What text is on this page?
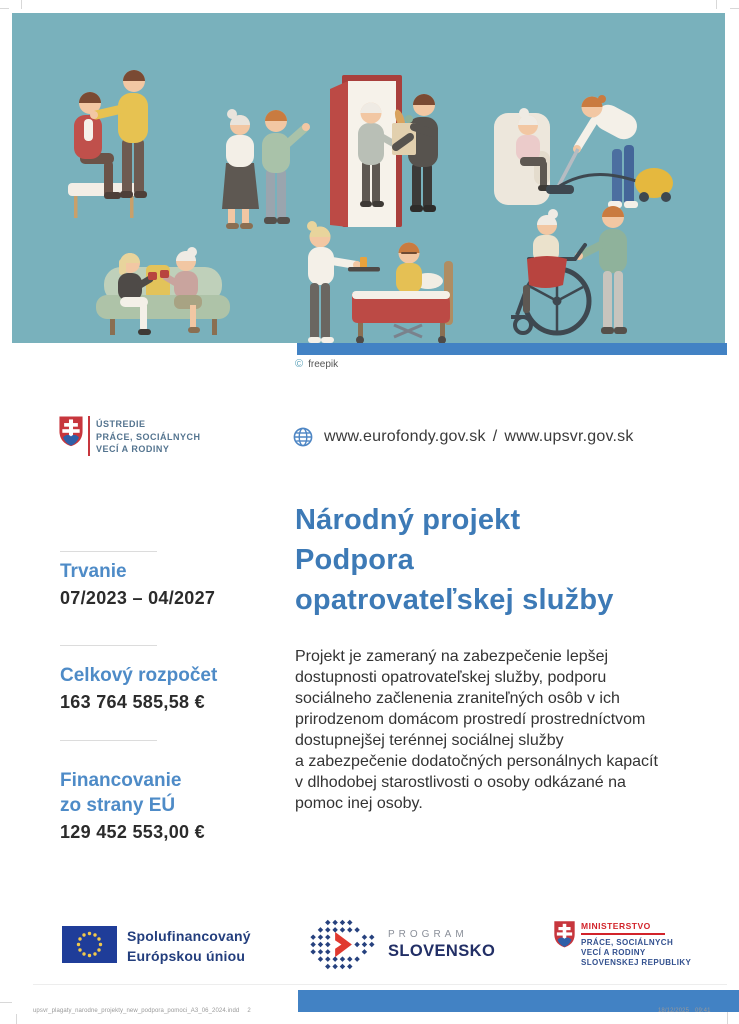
© freepik
ÚSTREDIE
PRÁCE, SOCIÁLNYCH
VECÍ A RODINY
www.eurofondy.gov.sk / www.upsvr.gov.sk
Trvanie
07/2023 – 04/2027
Celkový rozpočet
163 764 585,58 €
Financovanie
zo strany EÚ
129 452 553,00 €
Národný projekt
Podpora
opatrovateľskej služby
Projekt je zameraný na zabezpečenie lepšej
dostupnosti opatrovateľskej služby, podporu
sociálneho začlenenia zraniteľných osôb v ich
prirodzenom domácom prostredí prostredníctvom
dostupnejšej terénnej sociálnej služby
a zabezpečenie dodatočných personálnych kapacít
v dlhodobej starostlivosti o osoby odkázané na
pomoc inej osoby.
Spolufinancovaný
Európskou úniou
PROGRAM
SLOVENSKO
MINISTERSTVO
PRÁCE, SOCIÁLNYCH
VECÍ A RODINY
SLOVENSKEJ REPUBLIKY
upsvr_plagaty_narodne_projekty_new_podpora_pomoci_A3_06_2024.indd 2	18/12/2025 09:41
